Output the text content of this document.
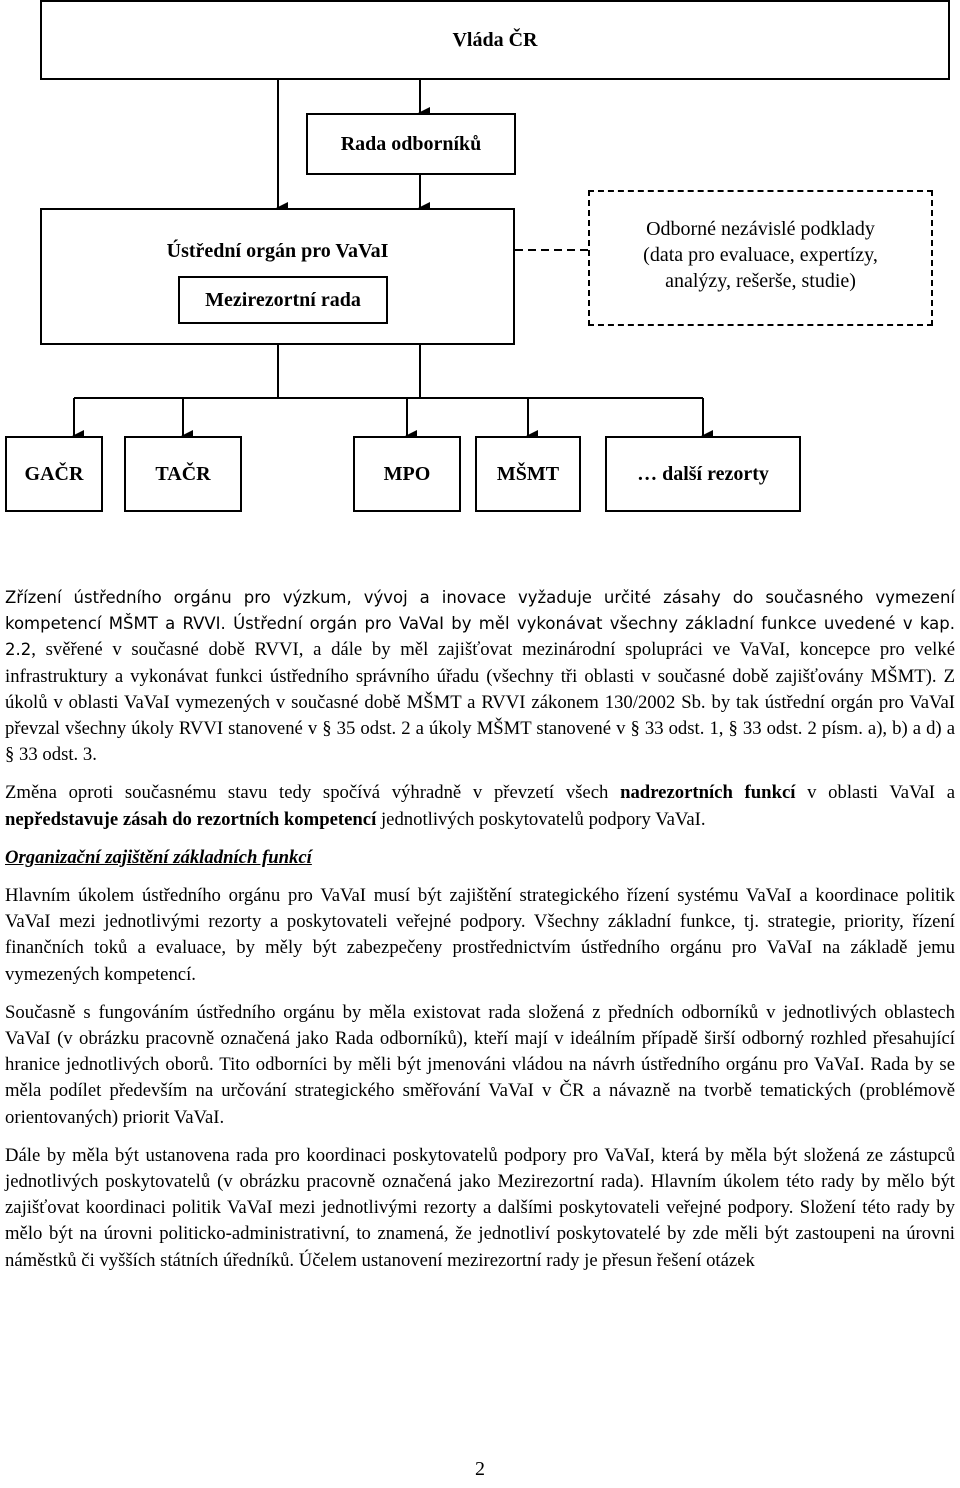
Vláda ČR
Rada odborníků
Ústřední orgán pro VaVaI
Mezirezortní rada
Odborné nezávislé podklady
(data pro evaluace, expertízy,
analýzy, rešerše, studie)
GAČR	TAČR	MPO	MŠMT	… další rezorty

Zřízení ústředního orgánu pro výzkum, vývoj a inovace vyžaduje určité zásahy do současného vymezení kompetencí MŠMT a RVVI. Ústřední orgán pro VaVaI by měl vykonávat všechny základní funkce uvedené v kap. 2.2, svěřené v současné době RVVI, a dále by měl zajišťovat mezinárodní spolupráci ve VaVaI, koncepce pro velké infrastruktury a vykonávat funkci ústředního správního úřadu (všechny tři oblasti v současné době zajišťovány MŠMT). Z úkolů v oblasti VaVaI vymezených v současné době MŠMT a RVVI zákonem 130/2002 Sb. by tak ústřední orgán pro VaVaI převzal všechny úkoly RVVI stanovené v § 35 odst. 2 a úkoly MŠMT stanovené v § 33 odst. 1, § 33 odst. 2 písm. a), b) a d) a § 33 odst. 3.

Změna oproti současnému stavu tedy spočívá výhradně v převzetí všech nadrezortních funkcí v oblasti VaVaI a nepředstavuje zásah do rezortních kompetencí jednotlivých poskytovatelů podpory VaVaI.

Organizační zajištění základních funkcí

Hlavním úkolem ústředního orgánu pro VaVaI musí být zajištění strategického řízení systému VaVaI a koordinace politik VaVaI mezi jednotlivými rezorty a poskytovateli veřejné podpory. Všechny základní funkce, tj. strategie, priority, řízení finančních toků a evaluace, by měly být zabezpečeny prostřednictvím ústředního orgánu pro VaVaI na základě jemu vymezených kompetencí.

Současně s fungováním ústředního orgánu by měla existovat rada složená z předních odborníků v jednotlivých oblastech VaVaI (v obrázku pracovně označená jako Rada odborníků), kteří mají v ideálním případě širší odborný rozhled přesahující hranice jednotlivých oborů. Tito odborníci by měli být jmenováni vládou na návrh ústředního orgánu pro VaVaI. Rada by se měla podílet především na určování strategického směřování VaVaI v ČR a návazně na tvorbě tematických (problémově orientovaných) priorit VaVaI.

Dále by měla být ustanovena rada pro koordinaci poskytovatelů podpory pro VaVaI, která by měla být složená ze zástupců jednotlivých poskytovatelů (v obrázku pracovně označená jako Mezirezortní rada). Hlavním úkolem této rady by mělo být zajišťovat koordinaci politik VaVaI mezi jednotlivými rezorty a dalšími poskytovateli veřejné podpory. Složení této rady by mělo být na úrovni politicko-administrativní, to znamená, že jednotliví poskytovatelé by zde měli být zastoupeni na úrovni náměstků či vyšších státních úředníků. Účelem ustanovení mezirezortní rady je přesun řešení otázek

2
